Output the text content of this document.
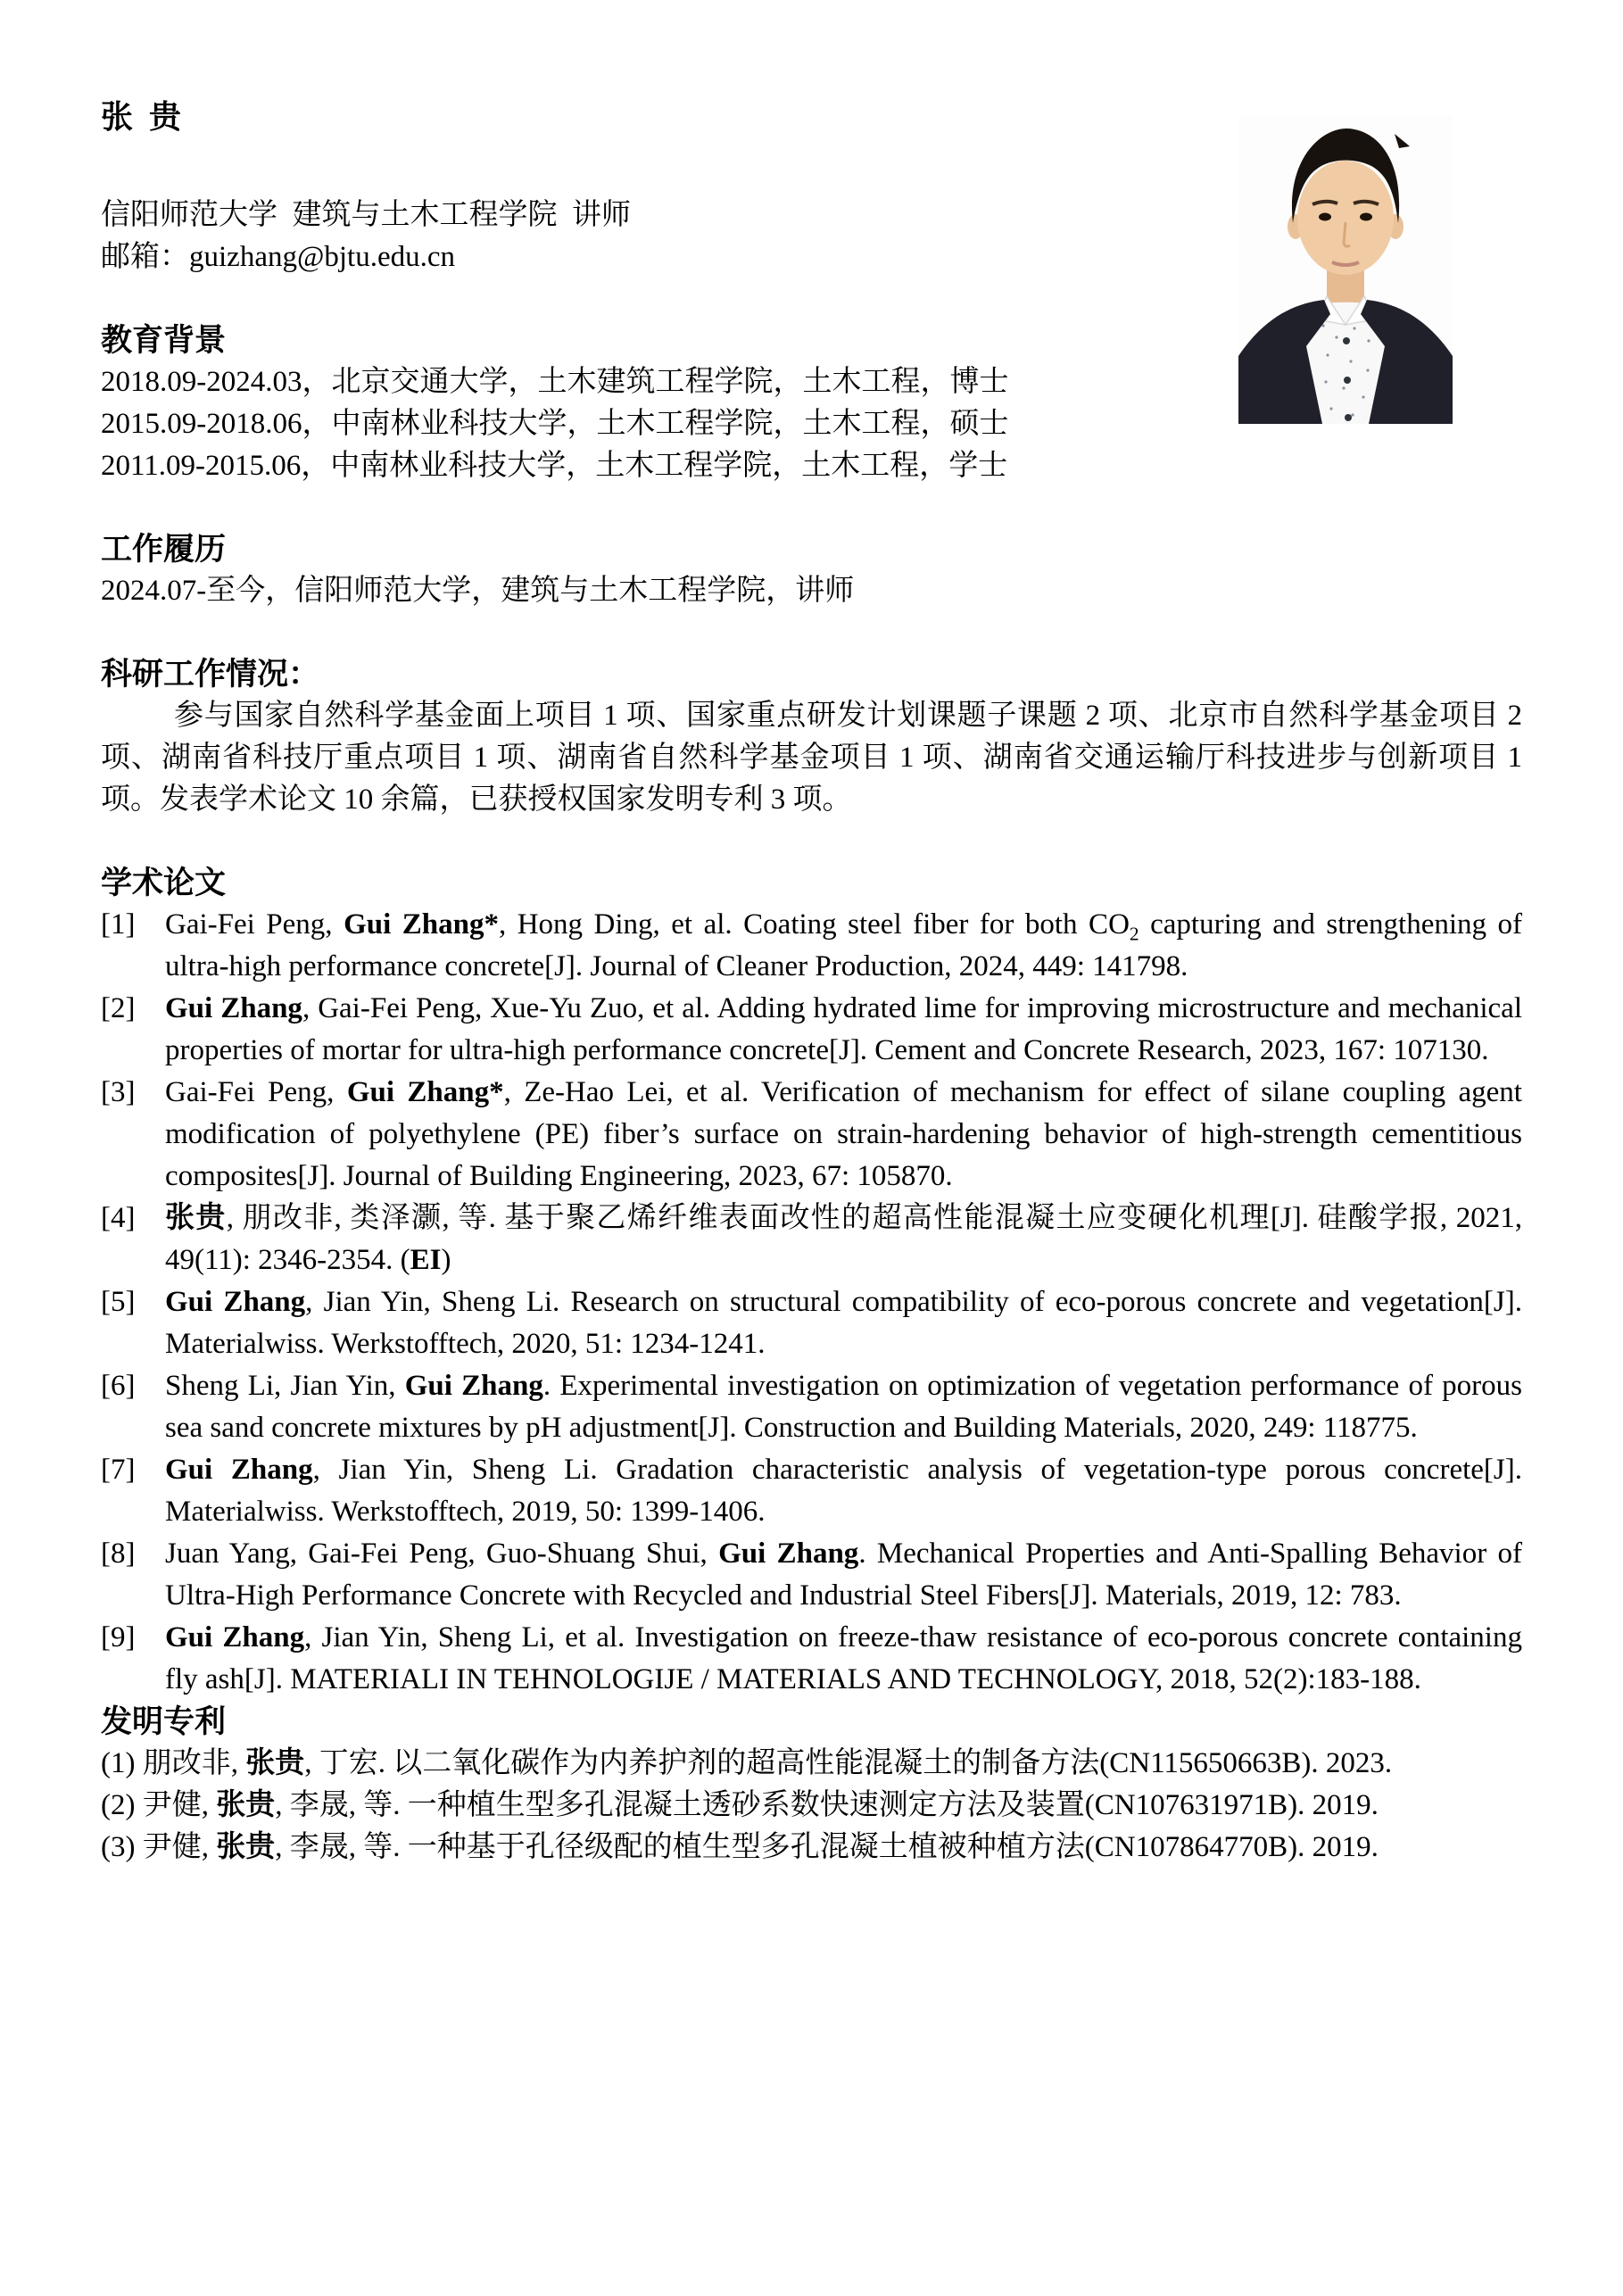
张  贵

信阳师范大学  建筑与土木工程学院  讲师

邮箱：guizhang@bjtu.edu.cn

教育背景

2018.09-2024.03，北京交通大学，土木建筑工程学院，土木工程，博士

2015.09-2018.06，中南林业科技大学，土木工程学院，土木工程，硕士

2011.09-2015.06，中南林业科技大学，土木工程学院，土木工程，学士

工作履历

2024.07-至今，信阳师范大学，建筑与土木工程学院，讲师

科研工作情况：

参与国家自然科学基金面上项目 1 项、国家重点研发计划课题子课题 2 项、北京市自然科学基金项目 2 项、湖南省科技厅重点项目 1 项、湖南省自然科学基金项目 1 项、湖南省交通运输厅科技进步与创新项目 1 项。发表学术论文 10 余篇，已获授权国家发明专利 3 项。

学术论文
[1]	Gai-Fei Peng, Gui Zhang*, Hong Ding, et al. Coating steel fiber for both $CO_2$ capturing and strengthening of ultra-high performance concrete[J]. Journal of Cleaner Production, 2024, 449: 141798.
[2]	Gui Zhang, Gai-Fei Peng, Xue-Yu Zuo, et al. Adding hydrated lime for improving microstructure and mechanical properties of mortar for ultra-high performance concrete[J]. Cement and Concrete Research, 2023, 167: 107130.
[3]	Gai-Fei Peng, Gui Zhang*, Ze-Hao Lei, et al. Verification of mechanism for effect of silane coupling agent modification of polyethylene (PE) fiber’s surface on strain-hardening behavior of high-strength cementitious composites[J]. Journal of Building Engineering, 2023, 67: 105870.
[4]	张贵, 朋改非, 类泽灏, 等. 基于聚乙烯纤维表面改性的超高性能混凝土应变硬化机理[J]. 硅酸学报, 2021, 49(11): 2346-2354. (EI)
[5]	Gui Zhang, Jian Yin, Sheng Li. Research on structural compatibility of eco-porous concrete and vegetation[J]. Materialwiss. Werkstofftech, 2020, 51: 1234-1241.
[6]	Sheng Li, Jian Yin, Gui Zhang. Experimental investigation on optimization of vegetation performance of porous sea sand concrete mixtures by pH adjustment[J]. Construction and Building Materials, 2020, 249: 118775.
[7]	Gui Zhang, Jian Yin, Sheng Li. Gradation characteristic analysis of vegetation-type porous concrete[J]. Materialwiss. Werkstofftech, 2019, 50: 1399-1406.
[8]	Juan Yang, Gai-Fei Peng, Guo-Shuang Shui, Gui Zhang. Mechanical Properties and Anti-Spalling Behavior of Ultra-High Performance Concrete with Recycled and Industrial Steel Fibers[J]. Materials, 2019, 12: 783.
[9]	Gui Zhang, Jian Yin, Sheng Li, et al. Investigation on freeze-thaw resistance of eco-porous concrete containing fly ash[J]. MATERIALI IN TEHNOLOGIJE / MATERIALS AND TECHNOLOGY, 2018, 52(2):183-188.
发明专利

(1) 朋改非, 张贵, 丁宏. 以二氧化碳作为内养护剂的超高性能混凝土的制备方法(CN115650663B). 2023.

(2) 尹健, 张贵, 李晟, 等. 一种植生型多孔混凝土透砂系数快速测定方法及装置(CN107631971B). 2019.

(3) 尹健, 张贵, 李晟, 等. 一种基于孔径级配的植生型多孔混凝土植被种植方法(CN107864770B). 2019.
